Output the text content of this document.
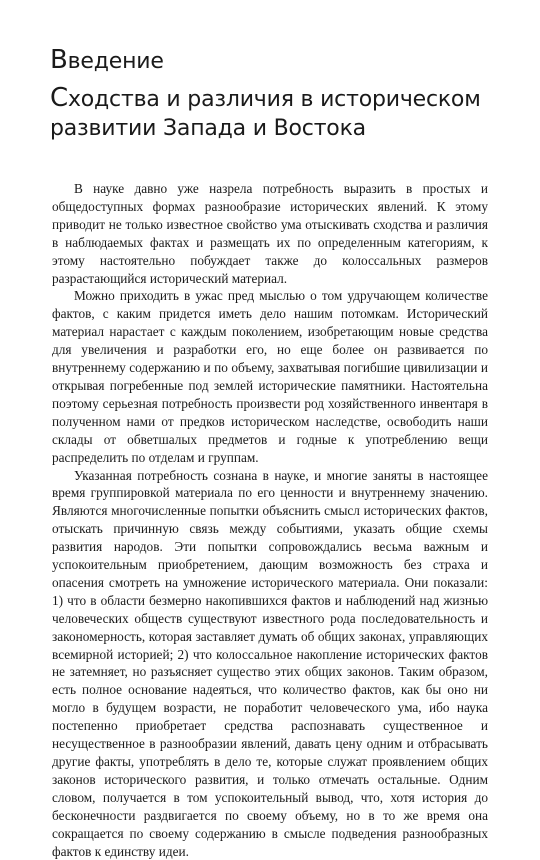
Введение
Сходства и различия в историческом развитии Запада и Востока

В науке давно уже назрела потребность выразить в простых и общедоступных формах разнообразие исторических явлений. К этому приводит не только известное свойство ума отыскивать сходства и различия в наблюдаемых фактах и размещать их по определенным категориям, к этому настоятельно побуждает также до колоссальных размеров разрастающийся исторический материал.

Можно приходить в ужас пред мыслью о том удручающем количестве фактов, с каким придется иметь дело нашим потомкам. Исторический материал нарастает с каждым поколением, изобретающим новые средства для увеличения и разработки его, но еще более он развивается по внутреннему содержанию и по объему, захватывая погибшие цивилизации и открывая погребенные под землей исторические памятники. Настоятельна поэтому серьезная потребность произвести род хозяйственного инвентаря в полученном нами от предков историческом наследстве, освободить наши склады от обветшалых предметов и годные к употреблению вещи распределить по отделам и группам.

Указанная потребность сознана в науке, и многие заняты в настоящее время группировкой материала по его ценности и внутреннему значению. Являются многочисленные попытки объяснить смысл исторических фактов, отыскать причинную связь между событиями, указать общие схемы развития народов. Эти попытки сопровождались весьма важным и успокоительным приобретением, дающим возможность без страха и опасения смотреть на умножение исторического материала. Они показали: 1) что в области безмерно накопившихся фактов и наблюдений над жизнью человеческих обществ существуют известного рода последовательность и закономерность, которая заставляет думать об общих законах, управляющих всемирной историей; 2) что колоссальное накопление исторических фактов не затемняет, но разъясняет существо этих общих законов. Таким образом, есть полное основание надеяться, что количество фактов, как бы оно ни могло в будущем возрасти, не поработит человеческого ума, ибо наука постепенно приобретает средства распознавать существенное и несущественное в разнообразии явлений, давать цену одним и отбрасывать другие факты, употреблять в дело те, которые служат проявлением общих законов исторического развития, и только отмечать остальные. Одним словом, получается в том успокоительный вывод, что, хотя история до бесконечности раздвигается по своему объему, но в то же время она сокращается по своему содержанию в смысле подведения разнообразных фактов к единству идеи.
